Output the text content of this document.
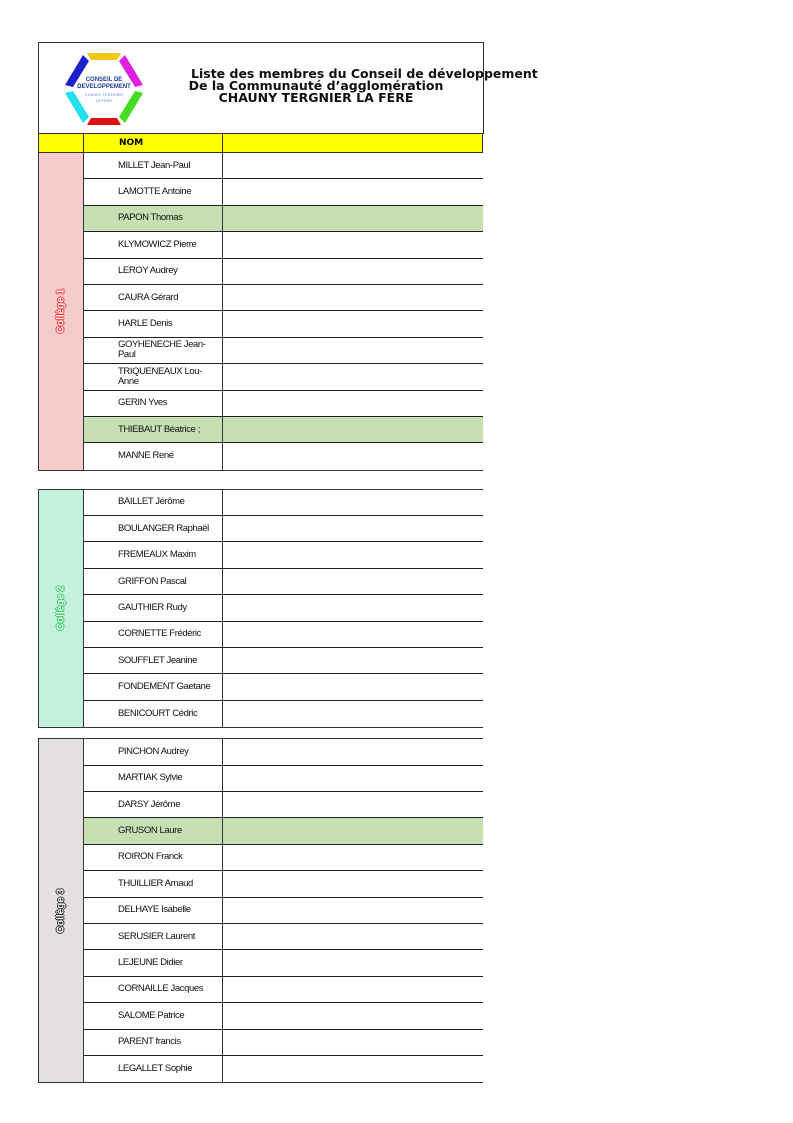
CONSEIL DE
DEVELOPPEMENT
CHAUNY TERGNIER
LA FERE
Liste des membres du Conseil de développement
De la Communauté d’agglomération
CHAUNY TERGNIER LA FÈRE
NOM
Collège 1
MILLET Jean-Paul
LAMOTTE Antoine
PAPON Thomas
KLYMOWICZ Pierre
LEROY Audrey
CAURA Gérard
HARLE Denis
GOYHENECHE Jean-Paul
TRIQUENEAUX Lou-Anne
GERIN Yves
THIEBAUT Béatrice ;
MANNE René
Collège 2
BAILLET Jérôme
BOULANGER Raphaël
FREMEAUX Maxim
GRIFFON Pascal
GAUTHIER Rudy
CORNETTE Frédéric
SOUFFLET Jeanine
FONDEMENT Gaetane
BENICOURT Cédric
Collège 3
PINCHON Audrey
MARTIAK Sylvie
DARSY Jérôme
GRUSON Laure
ROIRON Franck
THUILLIER Arnaud
DELHAYE Isabelle
SERUSIER Laurent
LEJEUNE Didier
CORNAILLE Jacques
SALOME Patrice
PARENT francis
LEGALLET Sophie
